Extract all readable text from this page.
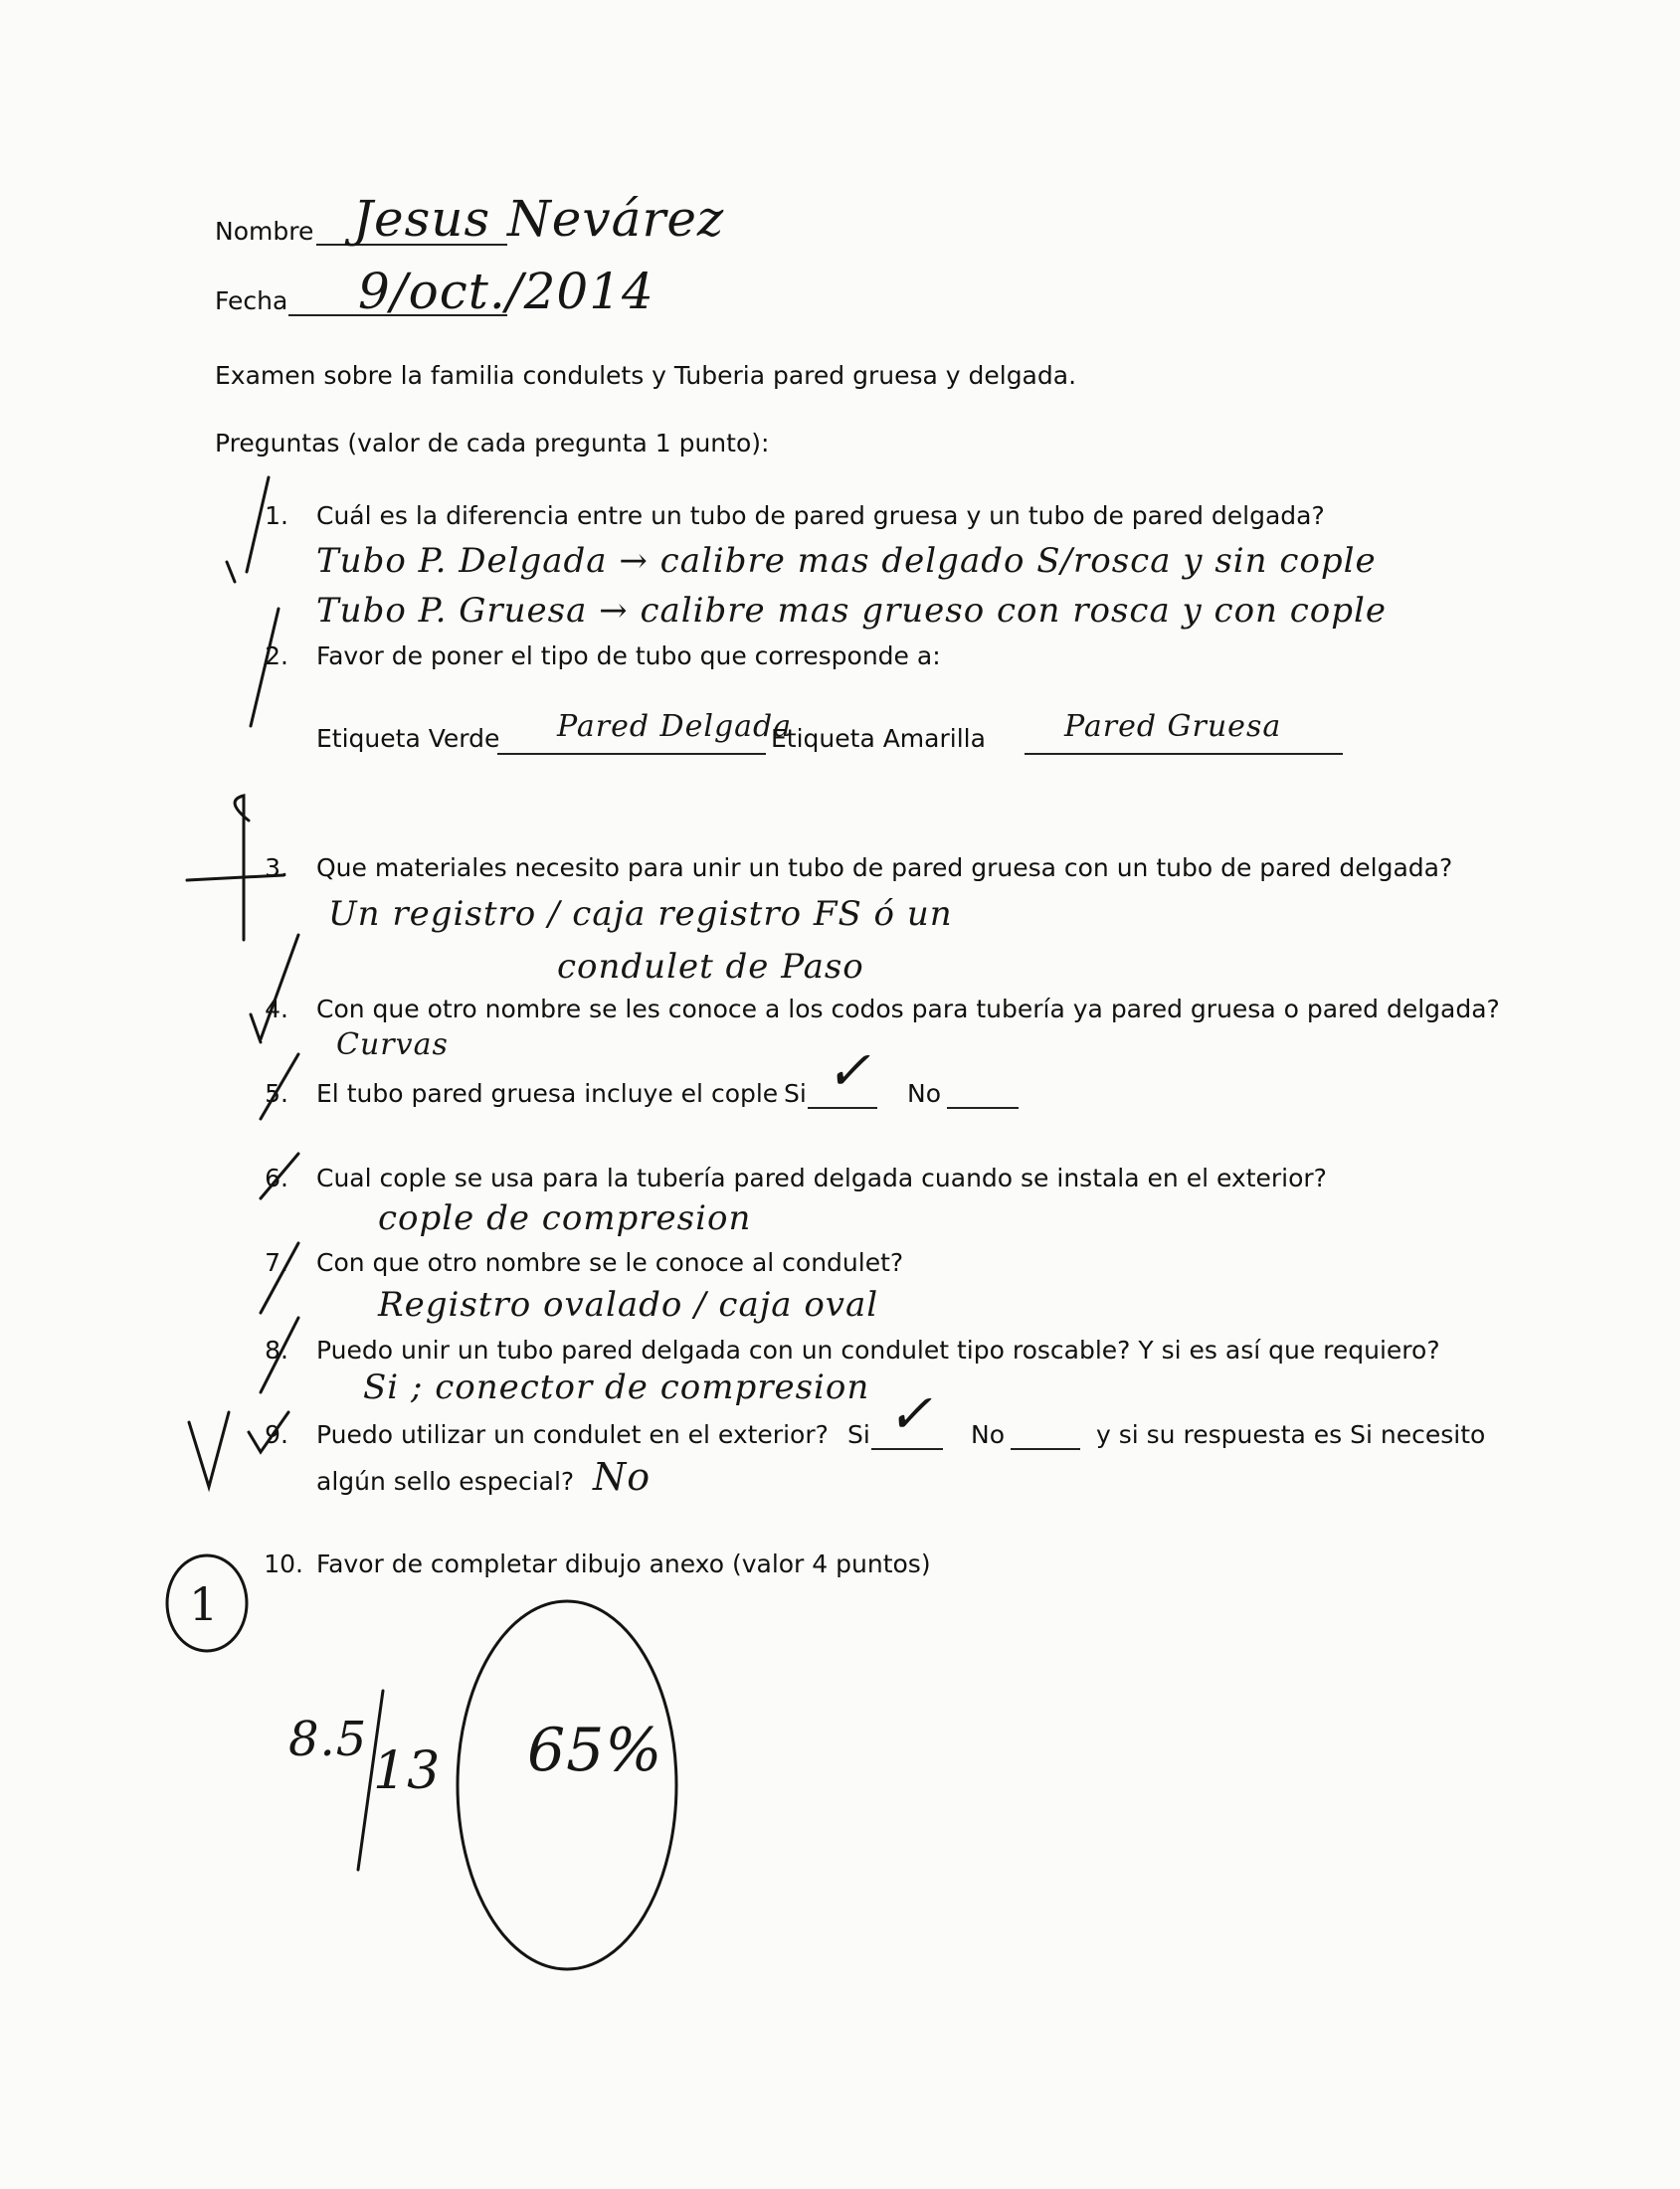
Nombre Jesus Nevárez
Fecha 9/oct./2014
Examen sobre la familia condulets y Tuberia pared gruesa y delgada.
Preguntas (valor de cada pregunta 1 punto):
1. Cuál es la diferencia entre un tubo de pared gruesa y un tubo de pared delgada?
Tubo P. Delgada → calibre mas delgado S/rosca y sin cople
Tubo P. Gruesa → calibre mas grueso con rosca y con cople
2. Favor de poner el tipo de tubo que corresponde a:
Etiqueta Verde Pared Delgada
Etiqueta Amarilla	Pared Gruesa
3. Que materiales necesito para unir un tubo de pared gruesa con un tubo de pared delgada?
Un registro / caja registro FS ó un
condulet de Paso
4. Con que otro nombre se les conoce a los codos para tubería ya pared gruesa o pared delgada?
Curvas
5. El tubo pared gruesa incluye el cople Si ✓ No
6. Cual cople se usa para la tubería pared delgada cuando se instala en el exterior?
cople de compresion
7. Con que otro nombre se le conoce al condulet?
Registro ovalado / caja oval
8. Puedo unir un tubo pared delgada con un condulet tipo roscable? Y si es así que requiero?
Si ; conector de compresion
9. Puedo utilizar un condulet en el exterior? Si ✓ No	y si su respuesta es Si necesito
algún sello especial? No
10. Favor de completar dibujo anexo (valor 4 puntos)
1
8.5
13 65%
